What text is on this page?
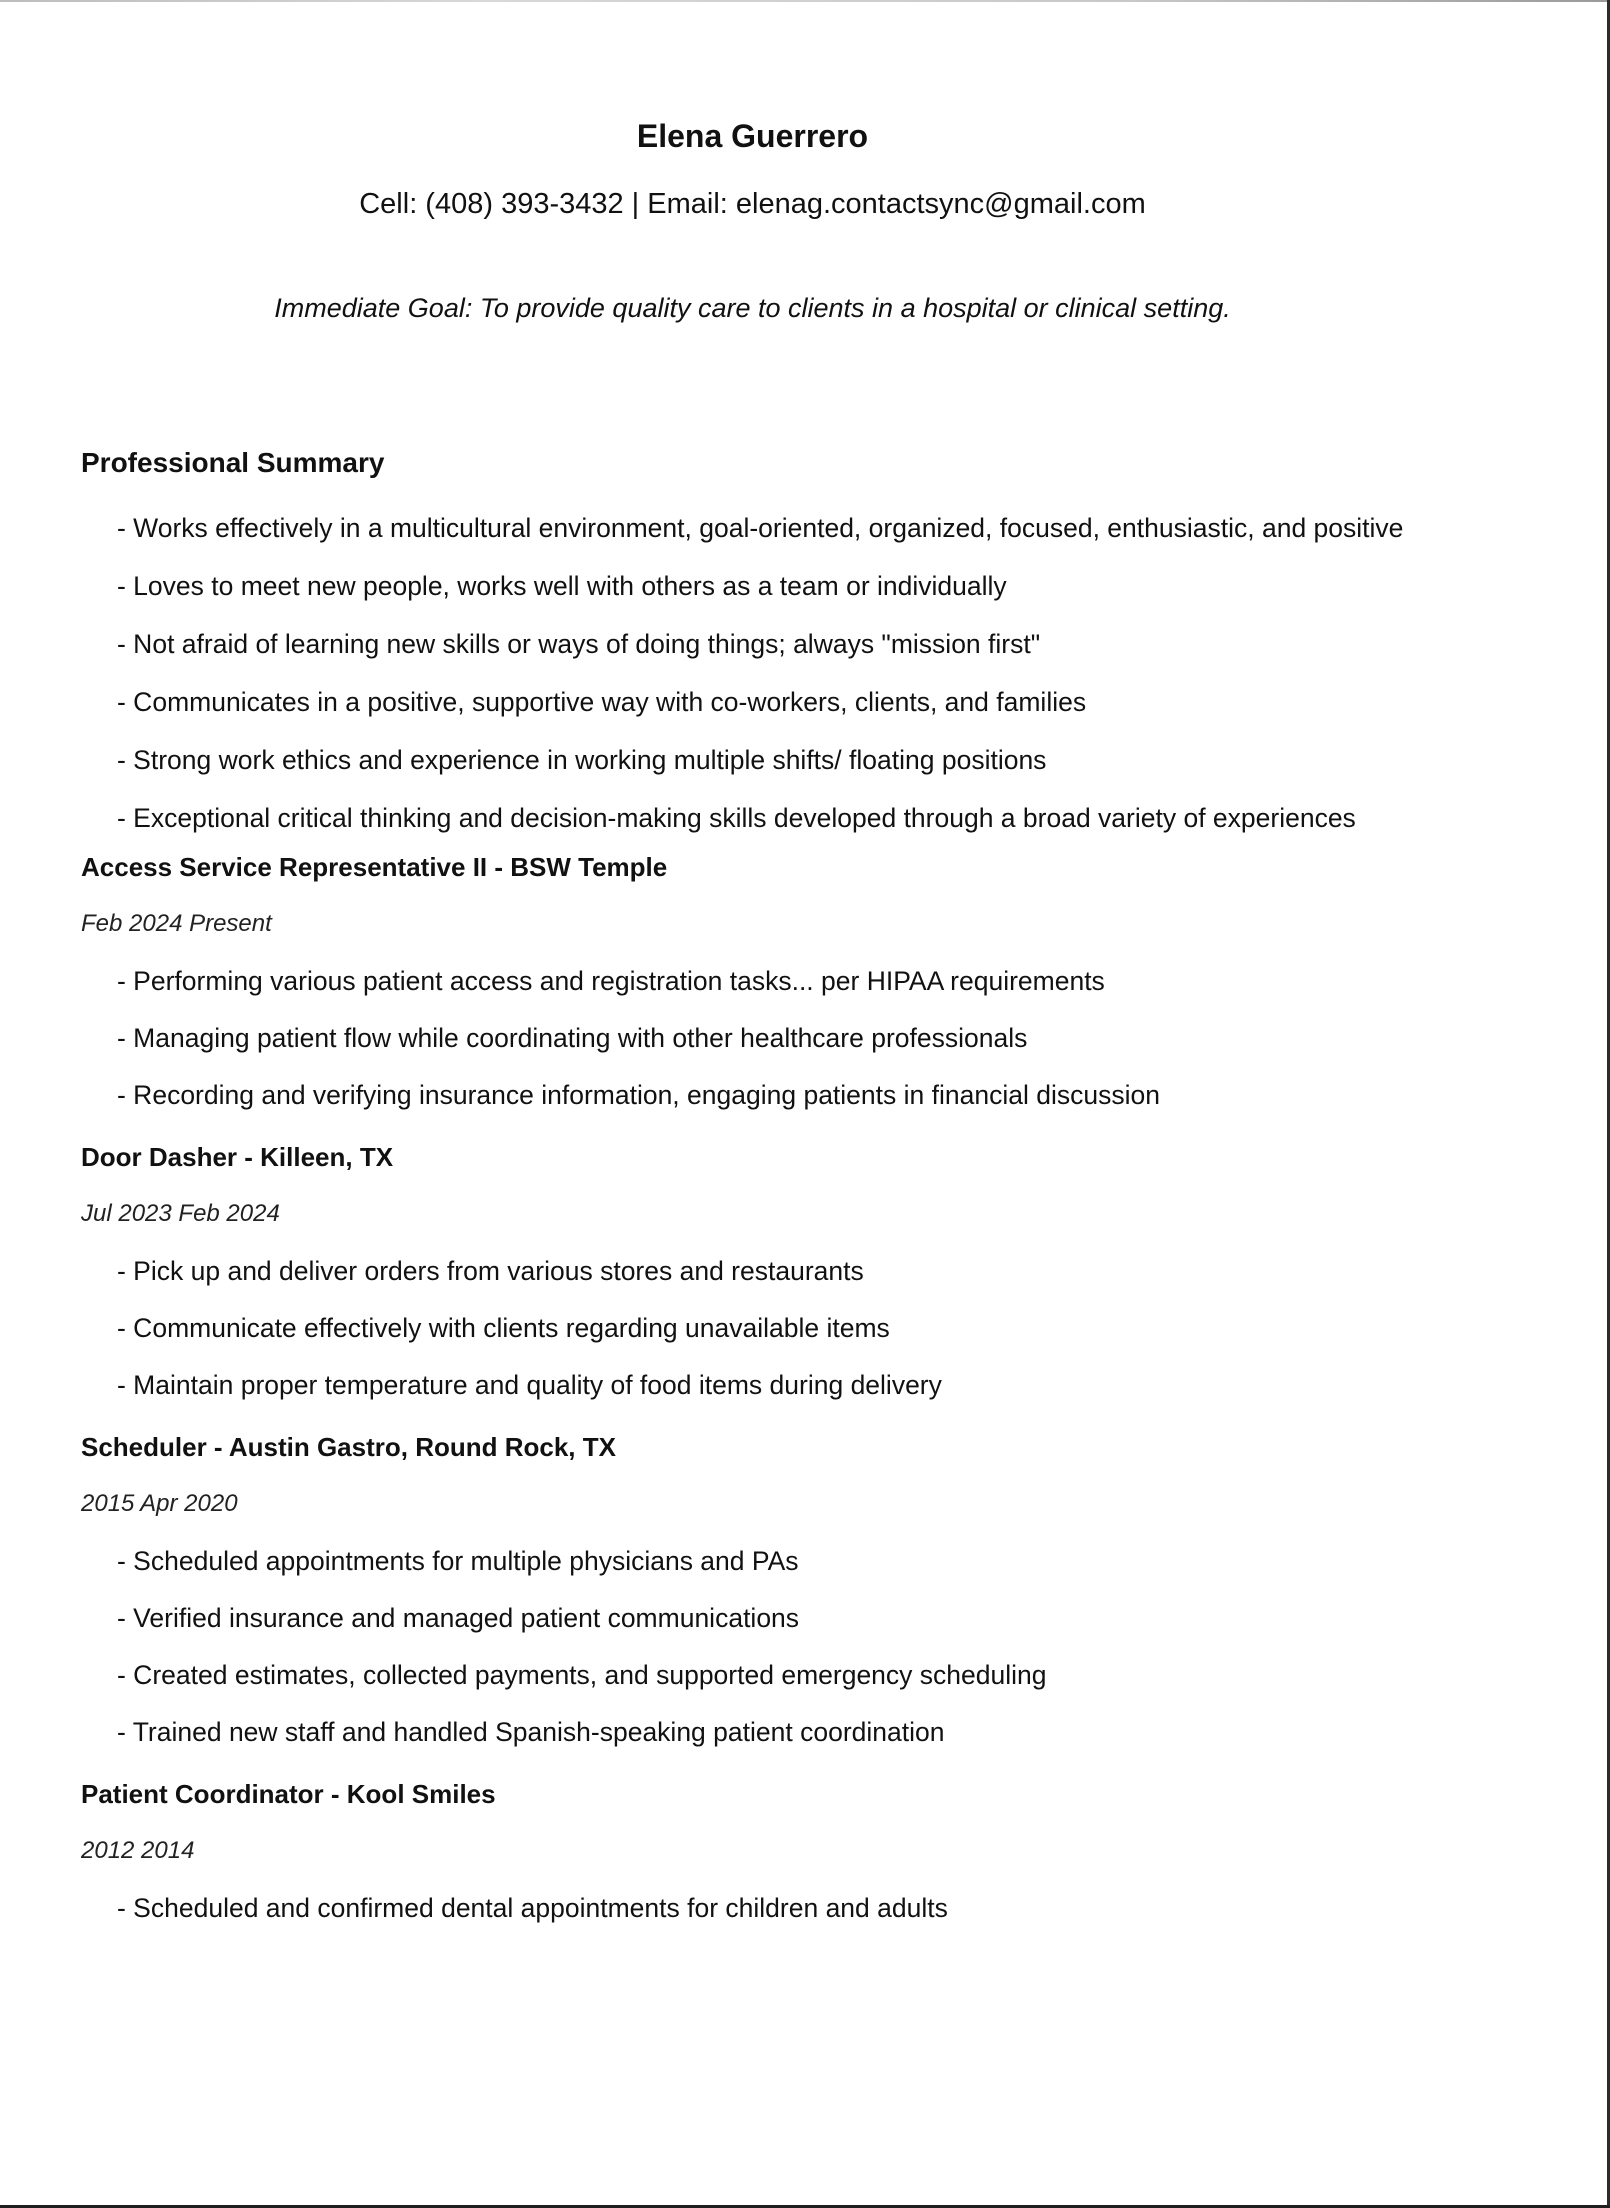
Elena Guerrero
Cell: (408) 393-3432 | Email: elenag.contactsync@gmail.com
Immediate Goal: To provide quality care to clients in a hospital or clinical setting.
Professional Summary
- Works effectively in a multicultural environment, goal-oriented, organized, focused, enthusiastic, and positive
- Loves to meet new people, works well with others as a team or individually
- Not afraid of learning new skills or ways of doing things; always "mission first"
- Communicates in a positive, supportive way with co-workers, clients, and families
- Strong work ethics and experience in working multiple shifts/ floating positions
- Exceptional critical thinking and decision-making skills developed through a broad variety of experiences
Access Service Representative II - BSW Temple
Feb 2024 Present
- Performing various patient access and registration tasks... per HIPAA requirements
- Managing patient flow while coordinating with other healthcare professionals
- Recording and verifying insurance information, engaging patients in financial discussion
Door Dasher - Killeen, TX
Jul 2023 Feb 2024
- Pick up and deliver orders from various stores and restaurants
- Communicate effectively with clients regarding unavailable items
- Maintain proper temperature and quality of food items during delivery
Scheduler - Austin Gastro, Round Rock, TX
2015 Apr 2020
- Scheduled appointments for multiple physicians and PAs
- Verified insurance and managed patient communications
- Created estimates, collected payments, and supported emergency scheduling
- Trained new staff and handled Spanish-speaking patient coordination
Patient Coordinator - Kool Smiles
2012 2014
- Scheduled and confirmed dental appointments for children and adults
